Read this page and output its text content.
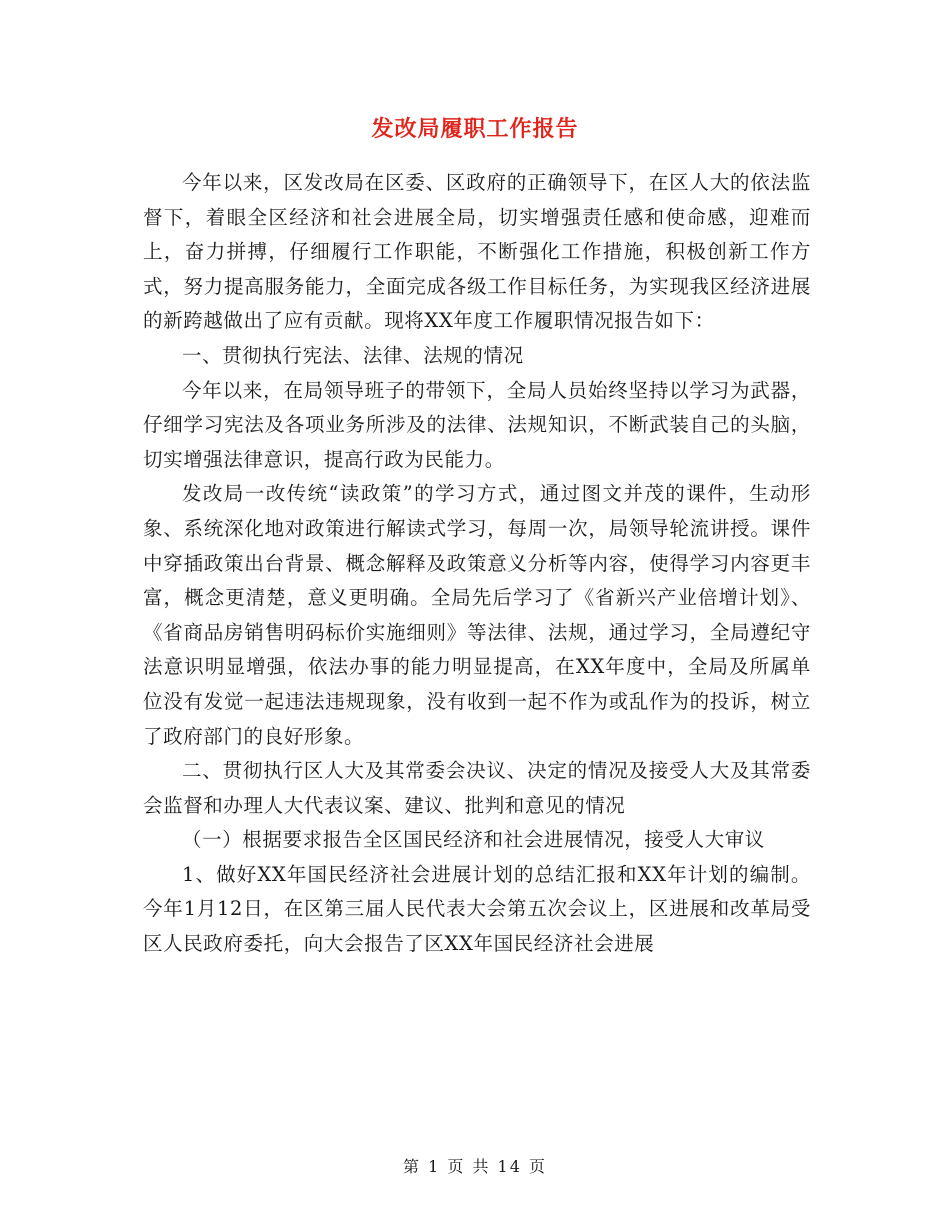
发改局履职工作报告

今年以来，区发改局在区委、区政府的正确领导下，在区人大的依法监督下，着眼全区经济和社会进展全局，切实增强责任感和使命感，迎难而上，奋力拼搏，仔细履行工作职能，不断强化工作措施，积极创新工作方式，努力提高服务能力，全面完成各级工作目标任务，为实现我区经济进展的新跨越做出了应有贡献。现将XX年度工作履职情况报告如下：

一、贯彻执行宪法、法律、法规的情况

今年以来，在局领导班子的带领下，全局人员始终坚持以学习为武器，仔细学习宪法及各项业务所涉及的法律、法规知识，不断武装自己的头脑，切实增强法律意识，提高行政为民能力。

发改局一改传统“读政策”的学习方式，通过图文并茂的课件，生动形象、系统深化地对政策进行解读式学习，每周一次，局领导轮流讲授。课件中穿插政策出台背景、概念解释及政策意义分析等内容，使得学习内容更丰富，概念更清楚，意义更明确。全局先后学习了《省新兴产业倍增计划》、《省商品房销售明码标价实施细则》等法律、法规，通过学习，全局遵纪守法意识明显增强，依法办事的能力明显提高，在XX年度中，全局及所属单位没有发觉一起违法违规现象，没有收到一起不作为或乱作为的投诉，树立了政府部门的良好形象。

二、贯彻执行区人大及其常委会决议、决定的情况及接受人大及其常委会监督和办理人大代表议案、建议、批判和意见的情况

（一）根据要求报告全区国民经济和社会进展情况，接受人大审议

1、做好XX年国民经济社会进展计划的总结汇报和XX年计划的编制。今年1月12日，在区第三届人民代表大会第五次会议上，区进展和改革局受区人民政府委托，向大会报告了区XX年国民经济社会进展

第 1 页 共 14 页
